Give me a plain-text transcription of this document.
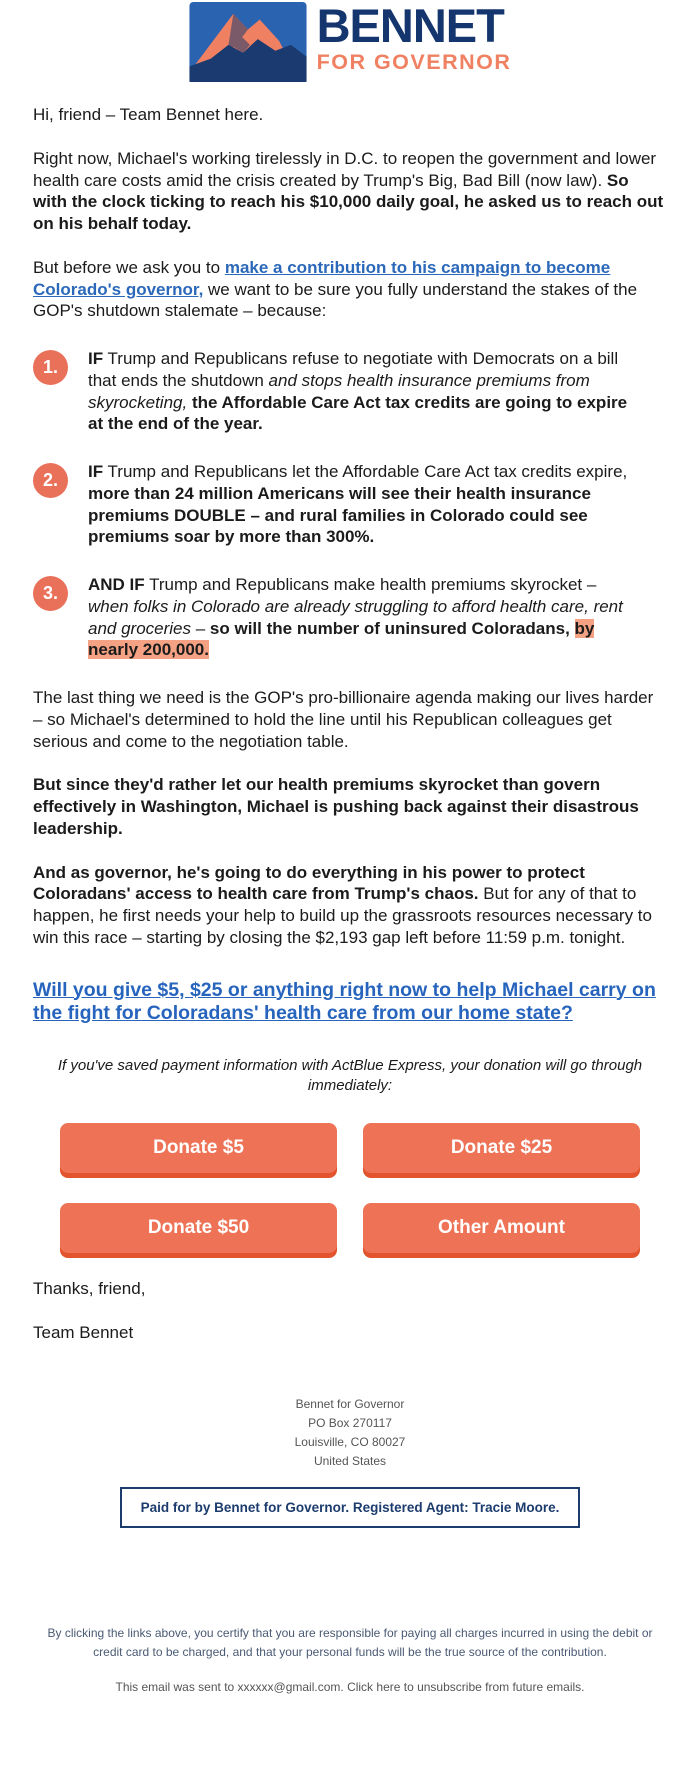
BENNET
FOR GOVERNOR

Hi, friend – Team Bennet here.

Right now, Michael's working tirelessly in D.C. to reopen the government and lower health care costs amid the crisis created by Trump's Big, Bad Bill (now law). So with the clock ticking to reach his $10,000 daily goal, he asked us to reach out on his behalf today.

But before we ask you to make a contribution to his campaign to become Colorado's governor, we want to be sure you fully understand the stakes of the GOP's shutdown stalemate – because:

1.	IF Trump and Republicans refuse to negotiate with Democrats on a bill that ends the shutdown and stops health insurance premiums from skyrocketing, the Affordable Care Act tax credits are going to expire at the end of the year.
2.	IF Trump and Republicans let the Affordable Care Act tax credits expire, more than 24 million Americans will see their health insurance premiums DOUBLE – and rural families in Colorado could see premiums soar by more than 300%.
3.	AND IF Trump and Republicans make health premiums skyrocket – when folks in Colorado are already struggling to afford health care, rent and groceries – so will the number of uninsured Coloradans, by nearly 200,000.

The last thing we need is the GOP's pro-billionaire agenda making our lives harder – so Michael's determined to hold the line until his Republican colleagues get serious and come to the negotiation table.

But since they'd rather let our health premiums skyrocket than govern effectively in Washington, Michael is pushing back against their disastrous leadership.

And as governor, he's going to do everything in his power to protect Coloradans' access to health care from Trump's chaos. But for any of that to happen, he first needs your help to build up the grassroots resources necessary to win this race – starting by closing the $2,193 gap left before 11:59 p.m. tonight.

Will you give $5, $25 or anything right now to help Michael carry on the fight for Coloradans' health care from our home state?

If you've saved payment information with ActBlue Express, your donation will go through immediately:

Donate $5	Donate $25
Donate $50	Other Amount

Thanks, friend,

Team Bennet

Bennet for Governor
PO Box 270117
Louisville, CO 80027
United States
Paid for by Bennet for Governor. Registered Agent: Tracie Moore.

By clicking the links above, you certify that you are responsible for paying all charges incurred in using the debit or credit card to be charged, and that your personal funds will be the true source of the contribution.

This email was sent to xxxxxx@gmail.com. Click here to unsubscribe from future emails.
